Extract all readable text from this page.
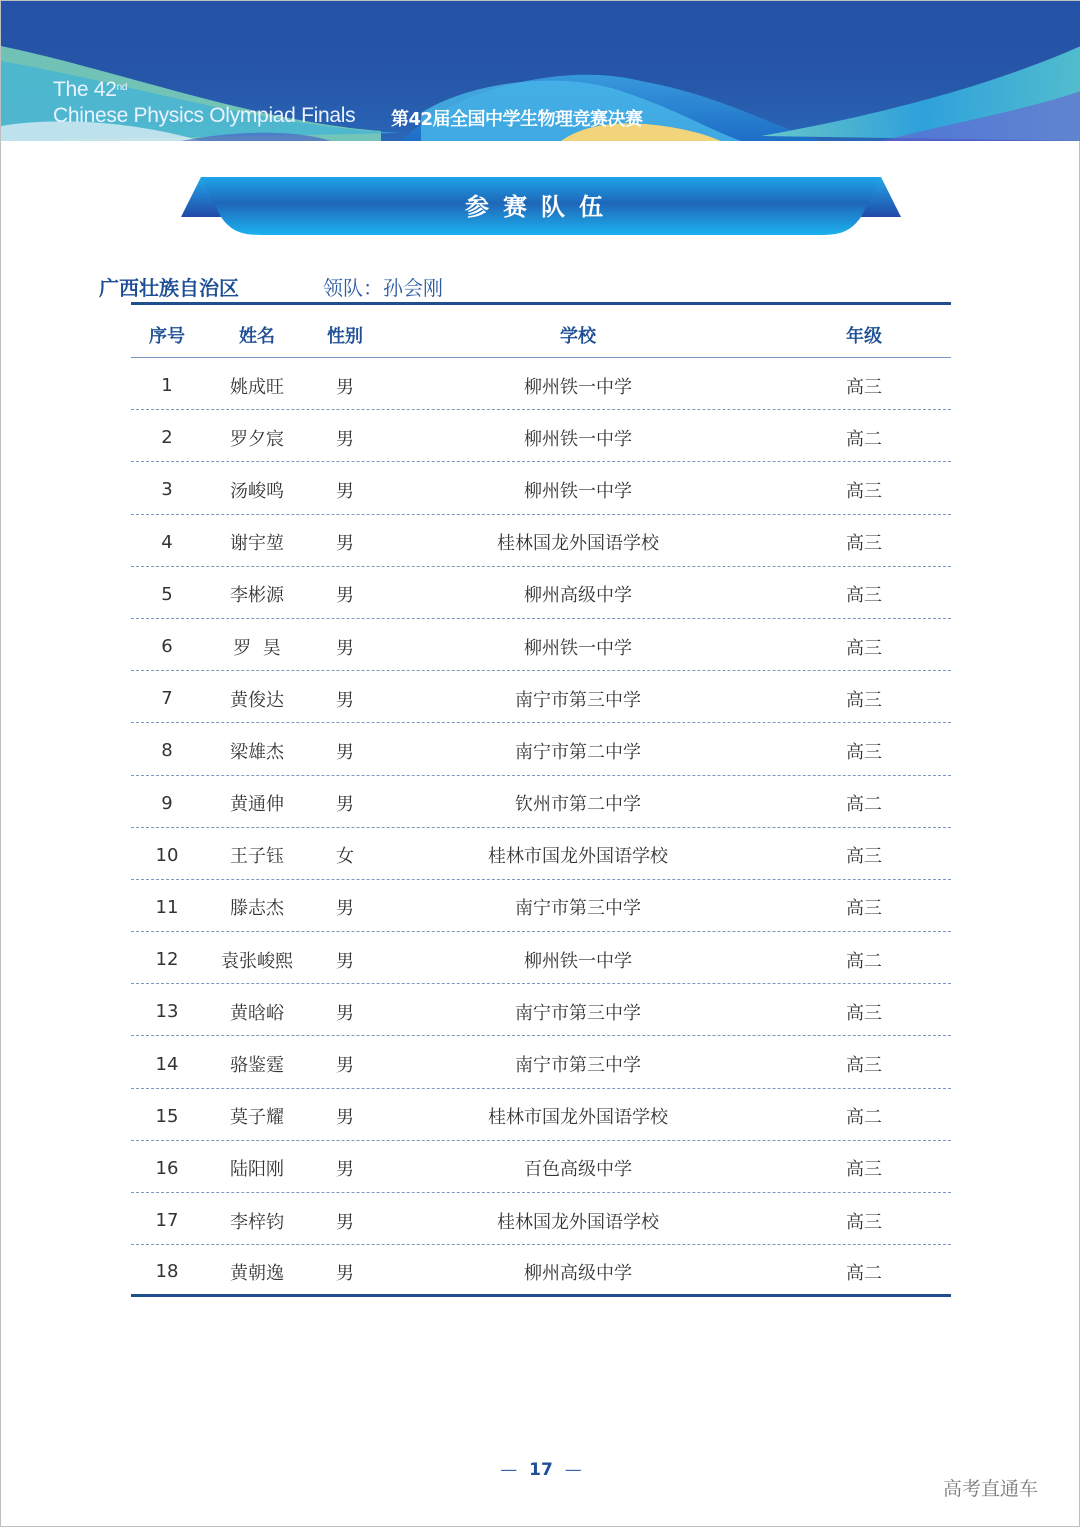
The 42nd
Chinese Physics Olympiad Finals 第42届全国中学生物理竞赛决赛
参赛队伍
广西壮族自治区	领队：孙会刚
序号	姓名	性别	学校	年级
1	姚成旺	男	柳州铁一中学	高三
2	罗夕宸	男	柳州铁一中学	高二
3	汤峻鸣	男	柳州铁一中学	高三
4	谢宇堃	男	桂林国龙外国语学校	高三
5	李彬源	男	柳州高级中学	高三
6	罗  昊	男	柳州铁一中学	高三
7	黄俊达	男	南宁市第三中学	高三
8	梁雄杰	男	南宁市第二中学	高三
9	黄通伸	男	钦州市第二中学	高二
10	王子钰	女	桂林市国龙外国语学校	高三
11	滕志杰	男	南宁市第三中学	高三
12	袁张峻熙	男	柳州铁一中学	高二
13	黄晗峪	男	南宁市第三中学	高三
14	骆鉴霆	男	南宁市第三中学	高三
15	莫子耀	男	桂林市国龙外国语学校	高二
16	陆阳刚	男	百色高级中学	高三
17	李梓钧	男	桂林国龙外国语学校	高三
18	黄朝逸	男	柳州高级中学	高二
— 17 —
高考直通车
